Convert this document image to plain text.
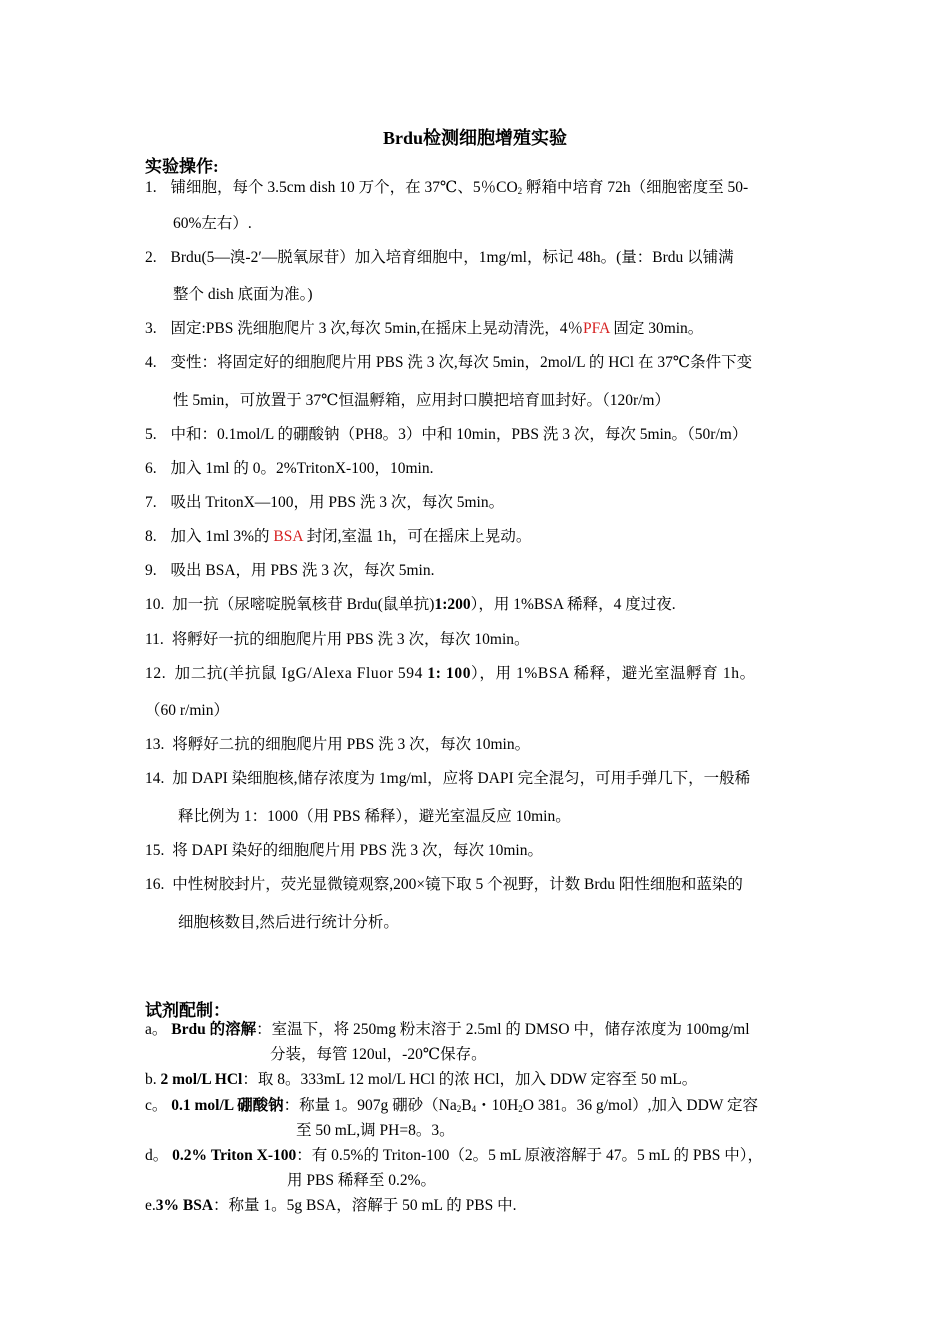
Brdu检测细胞增殖实验
实验操作:
1. 铺细胞，每个 3.5cm dish 10 万个，在 37℃、5％$CO_2$ 孵箱中培育 72h（细胞密度至 50-
60%左右）.
2. Brdu(5—溴-2′—脱氧尿苷）加入培育细胞中，1mg/ml，标记 48h。(量：Brdu 以铺满
整个 dish 底面为准。)
3. 固定:PBS 洗细胞爬片 3 次,每次 5min,在摇床上晃动清洗，4％PFA 固定 30min。
4. 变性：将固定好的细胞爬片用 PBS 洗 3 次,每次 5min，2mol/L 的 HCl 在 37℃条件下变
性 5min，可放置于 37℃恒温孵箱，应用封口膜把培育皿封好。（120r/m）
5. 中和：0.1mol/L 的硼酸钠（PH8。3）中和 10min，PBS 洗 3 次，每次 5min。（50r/m）
6. 加入 1ml 的 0。2%TritonX-100，10min.
7. 吸出 TritonX—100，用 PBS 洗 3 次，每次 5min。
8. 加入 1ml 3%的 BSA 封闭,室温 1h，可在摇床上晃动。
9. 吸出 BSA，用 PBS 洗 3 次，每次 5min.
10. 加一抗（尿嘧啶脱氧核苷 Brdu(鼠单抗)1:200），用 1%BSA 稀释，4 度过夜.
11. 将孵好一抗的细胞爬片用 PBS 洗 3 次，每次 10min。
12. 加二抗(羊抗鼠 IgG/Alexa Fluor 594 1: 100），用 1%BSA 稀释，避光室温孵育 1h。
（60 r/min）
13. 将孵好二抗的细胞爬片用 PBS 洗 3 次，每次 10min。
14. 加 DAPI 染细胞核,储存浓度为 1mg/ml，应将 DAPI 完全混匀，可用手弹几下，一般稀
释比例为 1：1000（用 PBS 稀释），避光室温反应 10min。
15. 将 DAPI 染好的细胞爬片用 PBS 洗 3 次，每次 10min。
16. 中性树胶封片，荧光显微镜观察,200×镜下取 5 个视野，计数 Brdu 阳性细胞和蓝染的
细胞核数目,然后进行统计分析。
试剂配制：
a。 Brdu 的溶解：室温下，将 250mg 粉末溶于 2.5ml 的 DMSO 中，储存浓度为 100mg/ml
分装，每管 120ul，-20℃保存。
b. 2 mol/L HCl：取 8。333mL 12 mol/L HCl 的浓 HCl，加入 DDW 定容至 50 mL。
c。 0.1 mol/L 硼酸钠：称量 1。907g 硼砂（$Na_2B_4$・$10H_2O$ 381。36 g/mol）,加入 DDW 定容
至 50 mL,调 PH=8。3。
d。 0.2% Triton X-100：有 0.5%的 Triton-100（2。5 mL 原液溶解于 47。5 mL 的 PBS 中），
用 PBS 稀释至 0.2%。
e.3% BSA：称量 1。5g BSA，溶解于 50 mL 的 PBS 中.
